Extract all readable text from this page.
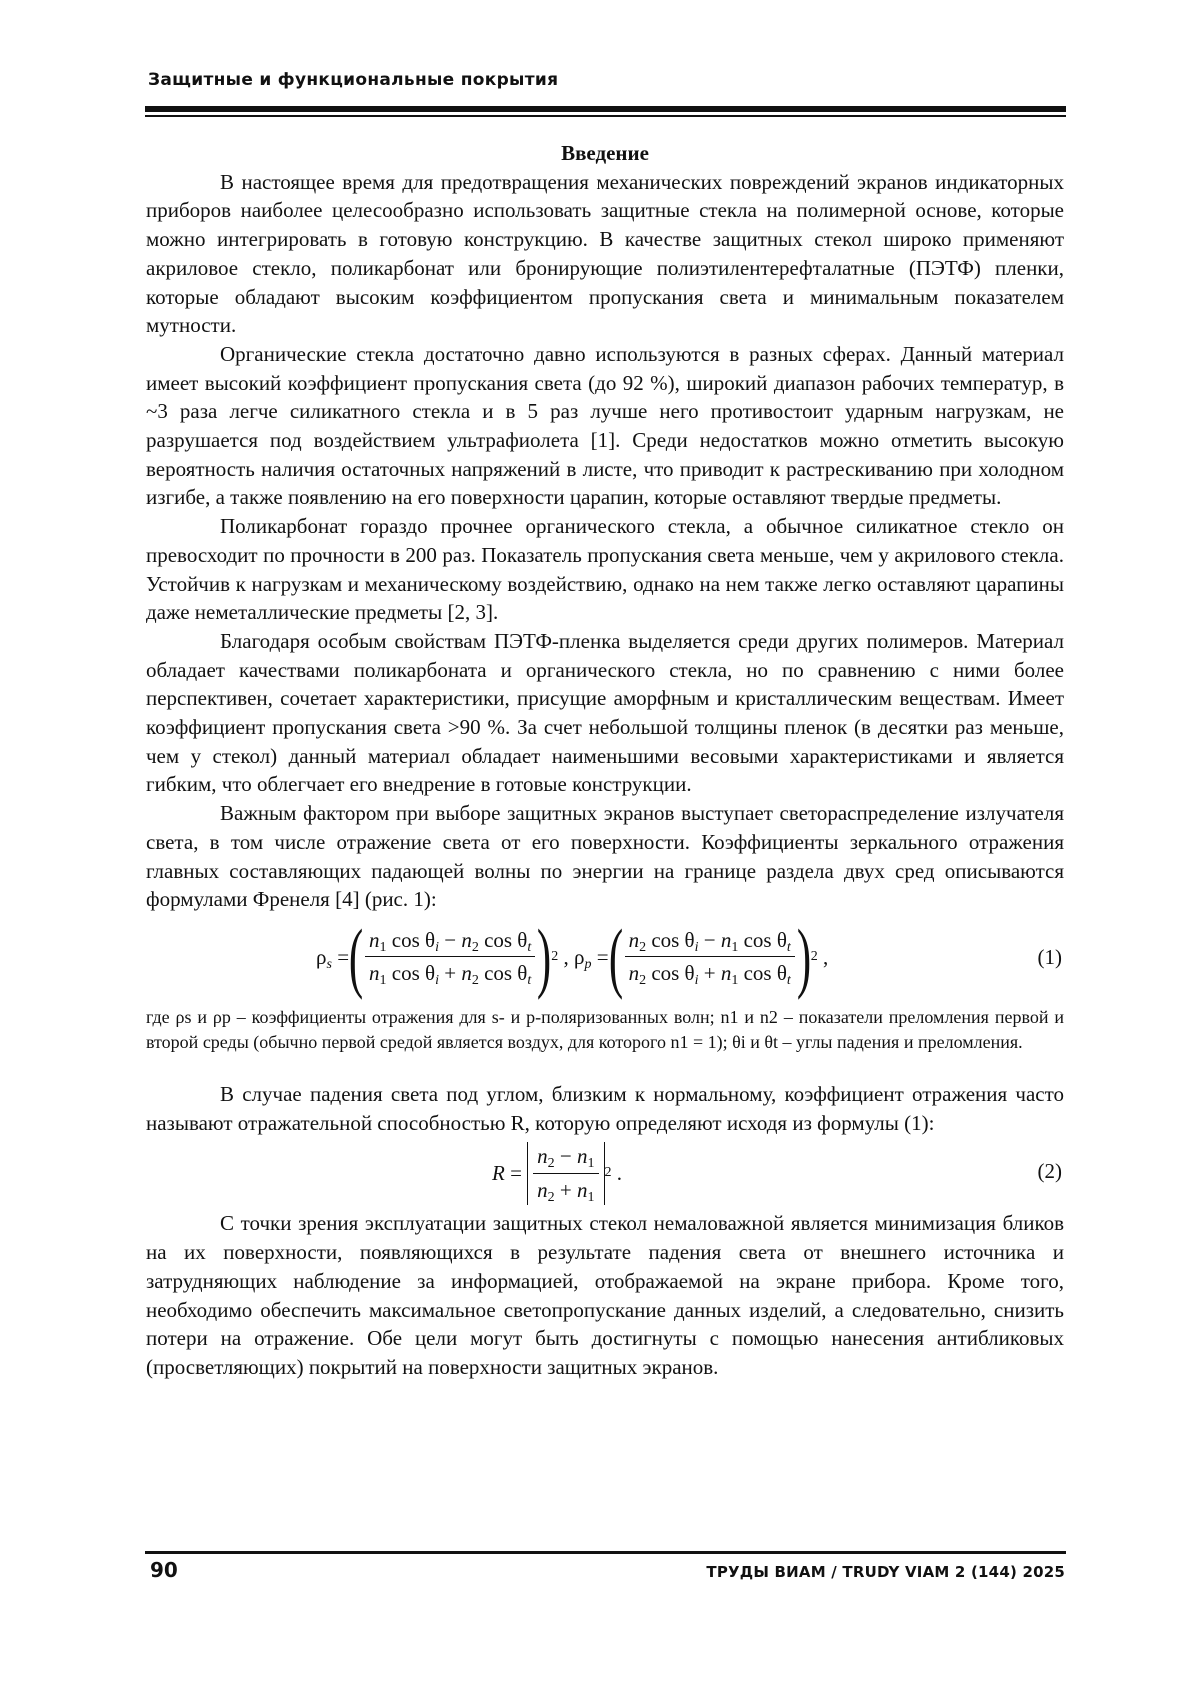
Защитные и функциональные покрытия

Введение

В настоящее время для предотвращения механических повреждений экранов индикаторных приборов наиболее целесообразно использовать защитные стекла на полимерной основе, которые можно интегрировать в готовую конструкцию. В качестве защитных стекол широко применяют акриловое стекло, поликарбонат или бронирующие полиэтилентерефталатные (ПЭТФ) пленки, которые обладают высоким коэффициентом пропускания света и минимальным показателем мутности.

Органические стекла достаточно давно используются в разных сферах. Данный материал имеет высокий коэффициент пропускания света (до 92 %), широкий диапазон рабочих температур, в ~3 раза легче силикатного стекла и в 5 раз лучше него противостоит ударным нагрузкам, не разрушается под воздействием ультрафиолета [1]. Среди недостатков можно отметить высокую вероятность наличия остаточных напряжений в листе, что приводит к растрескиванию при холодном изгибе, а также появлению на его поверхности царапин, которые оставляют твердые предметы.

Поликарбонат гораздо прочнее органического стекла, а обычное силикатное стекло он превосходит по прочности в 200 раз. Показатель пропускания света меньше, чем у акрилового стекла. Устойчив к нагрузкам и механическому воздействию, однако на нем также легко оставляют царапины даже неметаллические предметы [2, 3].

Благодаря особым свойствам ПЭТФ-пленка выделяется среди других полимеров. Материал обладает качествами поликарбоната и органического стекла, но по сравнению с ними более перспективен, сочетает характеристики, присущие аморфным и кристаллическим веществам. Имеет коэффициент пропускания света >90 %. За счет небольшой толщины пленок (в десятки раз меньше, чем у стекол) данный материал обладает наименьшими весовыми характеристиками и является гибким, что облегчает его внедрение в готовые конструкции.

Важным фактором при выборе защитных экранов выступает светораспределение излучателя света, в том числе отражение света от его поверхности. Коэффициенты зеркального отражения главных составляющих падающей волны по энергии на границе раздела двух сред описываются формулами Френеля [4] (рис. 1):

$\rho_s$ = ( $\frac{n_1 \cos \theta_i - n_2 \cos \theta_t}{n_1 \cos \theta_i + n_2 \cos \theta_t}$ ) 2 , $\rho_p$ = ( $\frac{n_2 \cos \theta_i - n_1 \cos \theta_t}{n_2 \cos \theta_i + n_1 \cos \theta_t}$ ) 2 ,	(1)

где ρs и ρp – коэффициенты отражения для s- и p-поляризованных волн; n1 и n2 – показатели преломления первой и второй среды (обычно первой средой является воздух, для которого n1 = 1); θi и θt – углы падения и преломления.

В случае падения света под углом, близким к нормальному, коэффициент отражения часто называют отражательной способностью R, которую определяют исходя из формулы (1):

$R = \frac{n_2 - n_1}{n_2 + n_1} 2$ .	(2)

С точки зрения эксплуатации защитных стекол немаловажной является минимизация бликов на их поверхности, появляющихся в результате падения света от внешнего источника и затрудняющих наблюдение за информацией, отображаемой на экране прибора. Кроме того, необходимо обеспечить максимальное светопропускание данных изделий, а следовательно, снизить потери на отражение. Обе цели могут быть достигнуты с помощью нанесения антибликовых (просветляющих) покрытий на поверхности защитных экранов.

90	ТРУДЫ ВИАМ / TRUDY VIAM 2 (144) 2025
